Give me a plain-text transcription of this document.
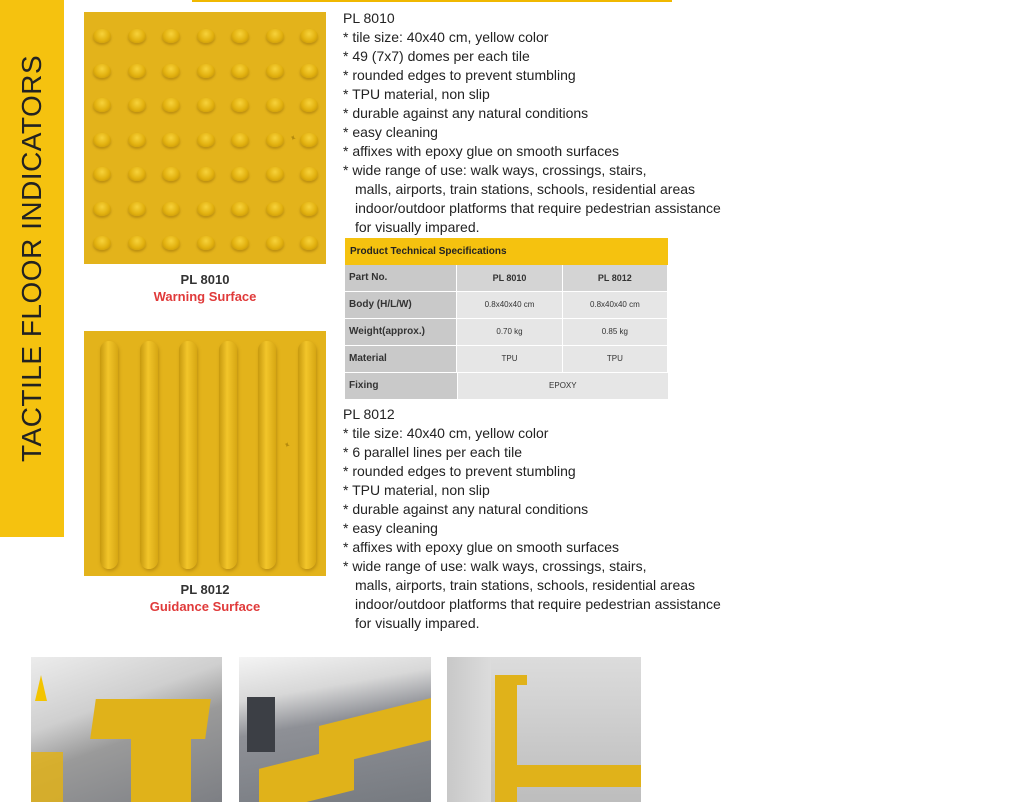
TACTILE FLOOR INDICATORS	✦
PL 8010
Warning Surface
✦
PL 8012
Guidance Surface
PL 8010
* tile size: 40x40 cm, yellow color
* 49 (7x7) domes per each tile
* rounded edges to prevent stumbling
* TPU material, non slip
* durable against any natural conditions
* easy cleaning
* affixes with epoxy glue on smooth surfaces
* wide range of use: walk ways, crossings, stairs,
malls, airports, train stations, schools, residential areas
indoor/outdoor platforms that require pedestrian assistance
for visually impared.
Product Technical Specifications
Part No.	PL 8010	PL 8012
Body (H/L/W)	0.8x40x40 cm	0.8x40x40 cm
Weight(approx.)	0.70 kg	0.85 kg
Material	TPU	TPU
Fixing	EPOXY
PL 8012
* tile size: 40x40 cm, yellow color
* 6 parallel lines per each tile
* rounded edges to prevent stumbling
* TPU material, non slip
* durable against any natural conditions
* easy cleaning
* affixes with epoxy glue on smooth surfaces
* wide range of use: walk ways, crossings, stairs,
malls, airports, train stations, schools, residential areas
indoor/outdoor platforms that require pedestrian assistance
for visually impared.
